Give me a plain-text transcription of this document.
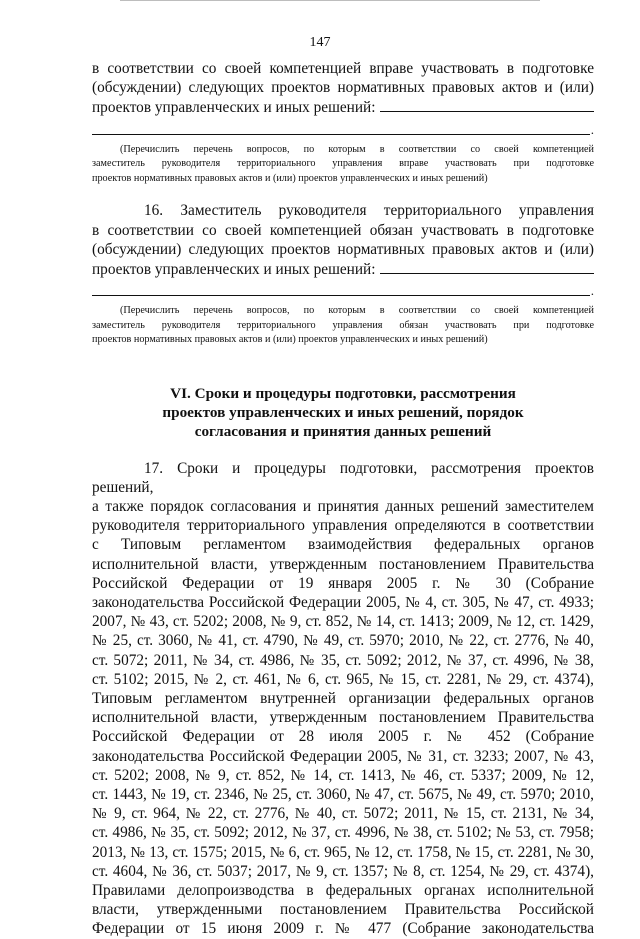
147

в соответствии со своей компетенцией вправе участвовать в подготовке

(обсуждении) следующих проектов нормативных правовых актов и (или)

проектов управленческих и иных решений:
.
(Перечислить перечень вопросов, по которым в соответствии со своей компетенцией
заместитель руководителя территориального управления вправе участвовать при подготовке
проектов нормативных правовых актов и (или) проектов управленческих и иных решений)

16. Заместитель руководителя территориального управления

в соответствии со своей компетенцией обязан участвовать в подготовке

(обсуждении) следующих проектов нормативных правовых актов и (или)

проектов управленческих и иных решений:
.
(Перечислить перечень вопросов, по которым в соответствии со своей компетенцией
заместитель руководителя территориального управления обязан участвовать при подготовке
проектов нормативных правовых актов и (или) проектов управленческих и иных решений)
VI. Сроки и процедуры подготовки, рассмотрения
проектов управленческих и иных решений, порядок
согласования и принятия данных решений

17. Сроки и процедуры подготовки, рассмотрения проектов решений,

а также порядок согласования и принятия данных решений заместителем

руководителя территориального управления определяются в соответствии

с Типовым регламентом взаимодействия федеральных органов

исполнительной власти, утвержденным постановлением Правительства

Российской Федерации от 19 января 2005 г. № 30 (Собрание

законодательства Российской Федерации 2005, № 4, ст. 305, № 47, ст. 4933;

2007, № 43, ст. 5202; 2008, № 9, ст. 852, № 14, ст. 1413; 2009, № 12, ст. 1429,

№ 25, ст. 3060, № 41, ст. 4790, № 49, ст. 5970; 2010, № 22, ст. 2776, № 40,

ст. 5072; 2011, № 34, ст. 4986, № 35, ст. 5092; 2012, № 37, ст. 4996, № 38,

ст. 5102; 2015, № 2, ст. 461, № 6, ст. 965, № 15, ст. 2281, № 29, ст. 4374),

Типовым регламентом внутренней организации федеральных органов

исполнительной власти, утвержденным постановлением Правительства

Российской Федерации от 28 июля 2005 г. № 452 (Собрание

законодательства Российской Федерации 2005, № 31, ст. 3233; 2007, № 43,

ст. 5202; 2008, № 9, ст. 852, № 14, ст. 1413, № 46, ст. 5337; 2009, № 12,

ст. 1443, № 19, ст. 2346, № 25, ст. 3060, № 47, ст. 5675, № 49, ст. 5970; 2010,

№ 9, ст. 964, № 22, ст. 2776, № 40, ст. 5072; 2011, № 15, ст. 2131, № 34,

ст. 4986, № 35, ст. 5092; 2012, № 37, ст. 4996, № 38, ст. 5102; № 53, ст. 7958;

2013, № 13, ст. 1575; 2015, № 6, ст. 965, № 12, ст. 1758, № 15, ст. 2281, № 30,

ст. 4604, № 36, ст. 5037; 2017, № 9, ст. 1357; № 8, ст. 1254, № 29, ст. 4374),

Правилами делопроизводства в федеральных органах исполнительной

власти, утвержденными постановлением Правительства Российской

Федерации от 15 июня 2009 г. № 477 (Собрание законодательства
